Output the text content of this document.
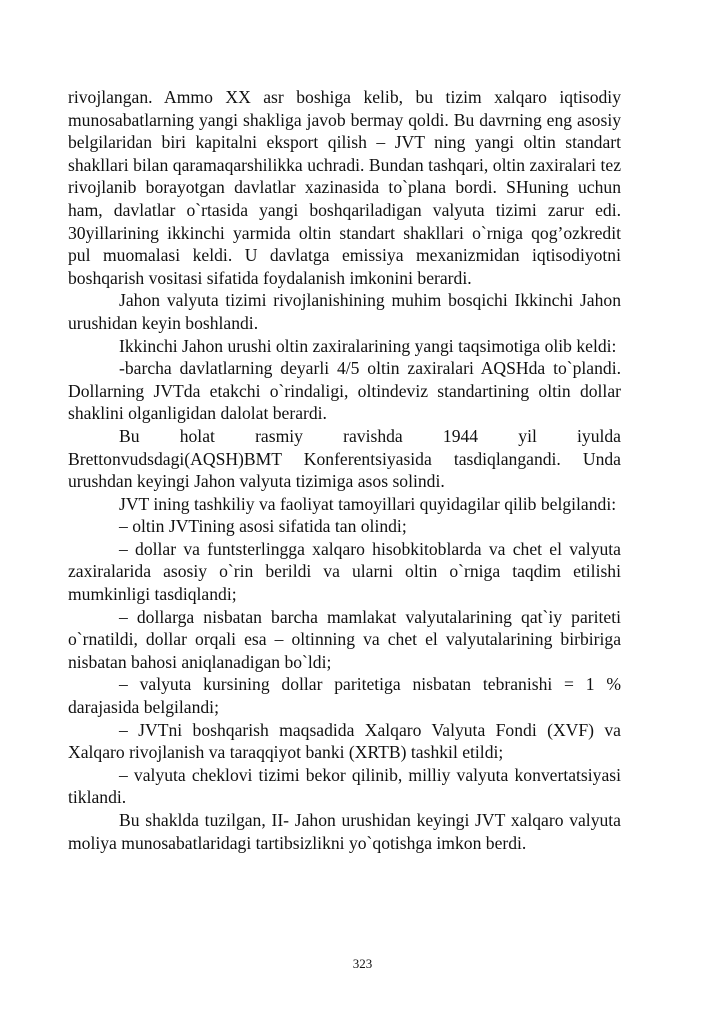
rivojlangan. Ammo XX asr boshiga kelib, bu tizim xalqaro iqtisodiy munosabatlarning yangi shakliga javob bermay qoldi. Bu davrning eng asosiy belgilaridan biri kapitalni eksport qilish – JVT ning yangi oltin standart shakllari bilan qaramaqarshilikka uchradi. Bundan tashqari, oltin zaxiralari tez rivojlanib borayotgan davlatlar xazinasida to`plana bordi. SHuning uchun ham, davlatlar o`rtasida yangi boshqariladigan valyuta tizimi zarur edi. 30yillarining ikkinchi yarmida oltin standart shakllari o`rniga qog’ozkredit pul muomalasi keldi. U davlatga emissiya mexanizmidan iqtisodiyotni boshqarish vositasi sifatida foydalanish imkonini berardi.

Jahon valyuta tizimi rivojlanishining muhim bosqichi Ikkinchi Jahon urushidan keyin boshlandi.

Ikkinchi Jahon urushi oltin zaxiralarining yangi taqsimotiga olib keldi:

-barcha davlatlarning deyarli 4/5 oltin zaxiralari AQSHda to`plandi. Dollarning JVTda etakchi o`rindaligi, oltindeviz standartining oltin dollar shaklini olganligidan dalolat berardi.

Bu holat rasmiy ravishda 1944 yil iyulda Brettonvudsdagi(AQSH)BMT Konferentsiyasida tasdiqlangandi. Unda urushdan keyingi Jahon valyuta tizimiga asos solindi.

JVT ining tashkiliy va faoliyat tamoyillari quyidagilar qilib belgilandi:

– oltin JVTining asosi sifatida tan olindi;

– dollar va funtsterlingga xalqaro hisobkitoblarda va chet el valyuta zaxiralarida asosiy o`rin berildi va ularni oltin o`rniga taqdim etilishi mumkinligi tasdiqlandi;

– dollarga nisbatan barcha mamlakat valyutalarining qat`iy pariteti o`rnatildi, dollar orqali esa – oltinning va chet el valyutalarining birbiriga nisbatan bahosi aniqlanadigan bo`ldi;

– valyuta kursining dollar paritetiga nisbatan tebranishi = 1 % darajasida belgilandi;

– JVTni boshqarish maqsadida Xalqaro Valyuta Fondi (XVF) va Xalqaro rivojlanish va taraqqiyot banki (XRTB) tashkil etildi;

– valyuta cheklovi tizimi bekor qilinib, milliy valyuta konvertatsiyasi tiklandi.

Bu shaklda tuzilgan, II- Jahon urushidan keyingi JVT xalqaro valyuta moliya munosabatlaridagi tartibsizlikni yo`qotishga imkon berdi.

323
